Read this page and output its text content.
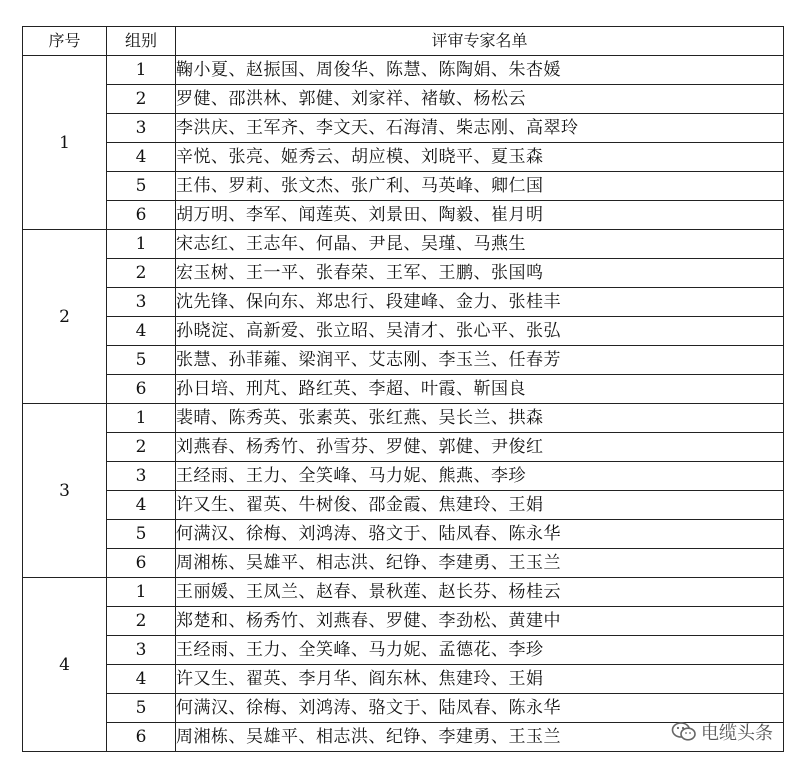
序号	组别	评审专家名单
1	1	鞠小夏、赵振国、周俊华、陈慧、陈陶娟、朱杏媛
	2	罗健、邵洪林、郭健、刘家祥、褚敏、杨松云
	3	李洪庆、王军齐、李文天、石海清、柴志刚、高翠玲
	4	辛悦、张亮、姬秀云、胡应模、刘晓平、夏玉森
	5	王伟、罗莉、张文杰、张广利、马英峰、卿仁国
	6	胡万明、李军、闻莲英、刘景田、陶毅、崔月明
2	1	宋志红、王志年、何晶、尹昆、吴瑾、马燕生
	2	宏玉树、王一平、张春荣、王军、王鹏、张国鸣
	3	沈先锋、保向东、郑忠行、段建峰、金力、张桂丰
	4	孙晓淀、高新爱、张立昭、吴清才、张心平、张弘
	5	张慧、孙菲蕹、梁润平、艾志刚、李玉兰、任春芳
	6	孙日培、刑芃、路红英、李超、叶霞、靳国良
3	1	裴晴、陈秀英、张素英、张红燕、吴长兰、拱森
	2	刘燕春、杨秀竹、孙雪芬、罗健、郭健、尹俊红
	3	王经雨、王力、全笑峰、马力妮、熊燕、李珍
	4	许又生、翟英、牛树俊、邵金霞、焦建玲、王娟
	5	何满汉、徐梅、刘鸿涛、骆文于、陆凤春、陈永华
	6	周湘栋、吴雄平、相志洪、纪铮、李建勇、王玉兰
4	1	王丽媛、王凤兰、赵春、景秋莲、赵长芬、杨桂云
	2	郑楚和、杨秀竹、刘燕春、罗健、李劲松、黄建中
	3	王经雨、王力、全笑峰、马力妮、孟德花、李珍
	4	许又生、翟英、李月华、阎东林、焦建玲、王娟
	5	何满汉、徐梅、刘鸿涛、骆文于、陆凤春、陈永华
	6	周湘栋、吴雄平、相志洪、纪铮、李建勇、王玉兰	电缆头条
